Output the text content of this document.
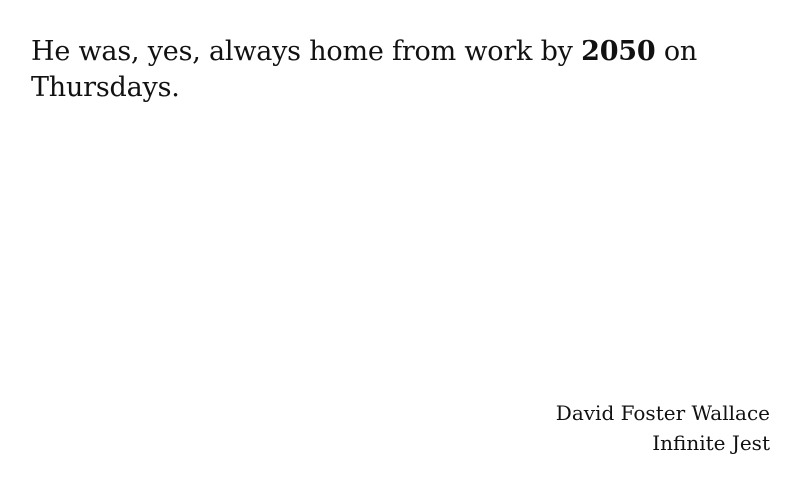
He was, yes, always home from work by 2050 on Thursdays.

David Foster Wallace
Infinite Jest
